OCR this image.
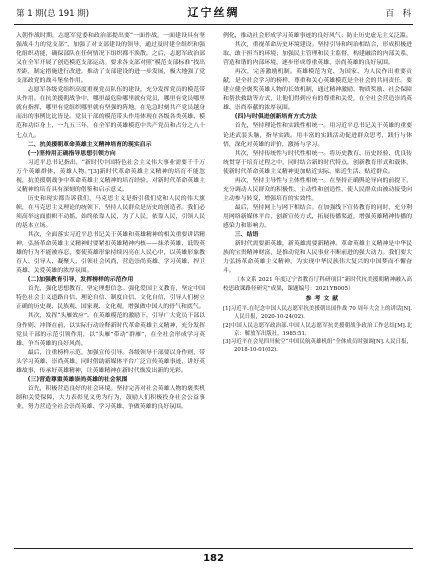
第 1 期(总 191 期)	辽宁丝绸	百　科

入朝作战时期，志愿军党委和政治部提出要“一面作战，一面建设具有坚强战斗力的党支部”，加强了对支部建设的领导，通过及时建全组织和强化组织功能，确保部队在任何情况下组织都不涣散。之后，志愿军政治部又在全军开展了创造模范支部运动。要求各支部对照“模范支部标准”找出差距，制定措施进行改进，推动了支部建设的进一步发展，极大地强了党支部政党的战斗堡垒作用。

志愿军各级党组织高度重视党员队伍的建设，充分发挥党员的模范带头作用。在抗美援朝战争中，哪里最危险哪里就有党员，哪里有党员哪里就有指挥，哪里有党组织哪里就有坚强的阵地，在危急时刻共产党员越身而出的事例比比皆是。党员干部的模范带头作用体现在各级各类英雄、模范和功臣身上，一九五三年，在全军的英雄模范中共产党员和占分之八十七点九。

二、抗美援朝革命英雄主义精神培育的现实启示

(一)坚持用正确指导思想引领方向

习近平总书记指出，“新时代中国特色社会主义伟大事业需要千千万万个英雄群体、英雄人物。”[3]新时代革命英雄主义精神的培育不能忽视，抗美援朝战争中革命英雄主义精神的培育经验，对新时代革命英雄主义精神的培育具有深刻的借鉴和启示意义。

历史和现实都告诉我们，马克思主义是指引我们党和人民的伟大旗帜，在马克思主义理论的统领下，坚持人民群众是历史的创造者。我们必须高举这面旗帜不动摇，始终依靠人民，为了人民，依靠人民，引领人民的基本立场。

其次，全面落实习近平总书记关于英雄和英雄精神的相关重要讲话精神，弘扬革命英雄主义精神时要紧扣英雄精神内核——抹杀英雄、诋毁英雄的行为不能被容忍，要使英雄形象持续闪亮在人民心中，以英雄形象教育人、引导人、凝聚人，引领社会风尚，营造崇尚英雄、学习英雄、捍卫英雄、关爱英雄的浓厚氛围。

(二)加强教育引导，发挥榜样的示范作用

首先，强化思想教育，坚定理想信念。强化爱国主义教育，坚定中国特色社会主义道路自信、理论自信、制度自信、文化自信，引导人们树立正确的历史观、民族观、国家观、文化观，增强做中国人的骨气和底气。

其次，发挥“头雁效应”。在英雄模范的激励下，引导广大党员干部以身作则、冲锋在前，以实际行动诠释新时代革命英雄主义精神，充分发挥党员干部的示范引领作用，以“头雁”带动“群雁”，在全社会形成学习英雄、争当英雄的良好风尚。

最后，注重榜样示范，加强宣传引导。各级领导干部要以身作则，带头学习英雄、崇尚英雄，同时借助新媒体平台广泛宣传英雄事迹，讲好英雄故事，传承好英雄精神，让英雄精神在新时代焕发出新的光彩。

(三)营造尊重英雄崇尚英雄的社会氛围

首先，积极营造良好的社会环境。坚持完善对社会英雄人物的褒奖机制和关爱保障，大力表彰见义勇为行为，鼓励人们积极投身社会公益事业，努力营造全社会崇尚英雄、学习英雄、争做英雄的良好氛围。

例化，推动社会形成学习英雄事迹的良好风气；防止历史虚无主义泛滥。

其次，重视革命历史环境建设。坚持引导和纠治相结合，形成积极进取、敢于担当的环境；加强民主管理和民主监督，构建融洽的内部关系，营造和谐的内部环境，逐步形成尊重英雄、崇尚英雄的良好氛围。

再次，完善激励机制。英雄模范为党、为国家、为人民作出重要贡献，是全社会学习的榜样，尊重和关心英雄模范是全社会的共同责任。要建立健全褒奖英雄人物的长效机制，通过精神激励、物质奖励、社会保障和帮扶救助等方式，让他们得到应有的尊重和关爱，在全社会营造崇尚英雄、崇尚奉献的浓厚氛围。

(四)与时俱进创新培育方式方法

首先，坚持理论性和实践性相统一。用习近平总书记关于英雄的重要论述武装头脑，指导实践。用丰富的实践活动促进群众思考，践行与体悟，深化对英雄的评价，激扬与学习。

其次，坚持传统性与时代性相统一。将历史教育、历史经验、优良传统贯穿于培育过程之中，同时结合新的时代特点，创新教育形式和载体，使新时代革命英雄主义精神更加贴近实际、贴近生活、贴近群众。

再次，坚持主导性与主体性相统一。在坚持正确舆论导向的前提下，充分调动人民群众的积极性、主动性和创造性，使人民群众由被动接受向主动参与转变，增强培育的实效性。

最后，坚持网上与网下相结合。在加强线下宣传教育的同时，充分利用网络新媒体平台，创新宣传方式，拓展传播渠道，增强英雄精神传播的感染力和影响力。

三、结语

新时代需要新英雄，新英雄需要新精神。革命英雄主义精神是中华民族的宝贵精神财富，是推动党和人民事业不断前进的强大动力。我们要大力弘扬革命英雄主义精神，为实现中华民族伟大复兴的中国梦而不懈奋斗。

（本文系 2021 年度辽宁省教育厅科研项目“新时代抗美援朝精神融入高校思政课路径研究”成果，课题编号：2021YB005）

参考文献

[1]习近平.在纪念中国人民志愿军抗美援朝出国作战 70 周年大会上的讲话[N].人民日报，2020-10-24(02).

[2]中国人民志愿军政治部.中国人民志愿军抗美援朝战争政治工作总结[M].北京：解放军出版社，1985:51.

[3]习近平在会见四川航空“中国民航英雄机组”全体成员时强调[N].人民日报，2018-10-01(02).

182
